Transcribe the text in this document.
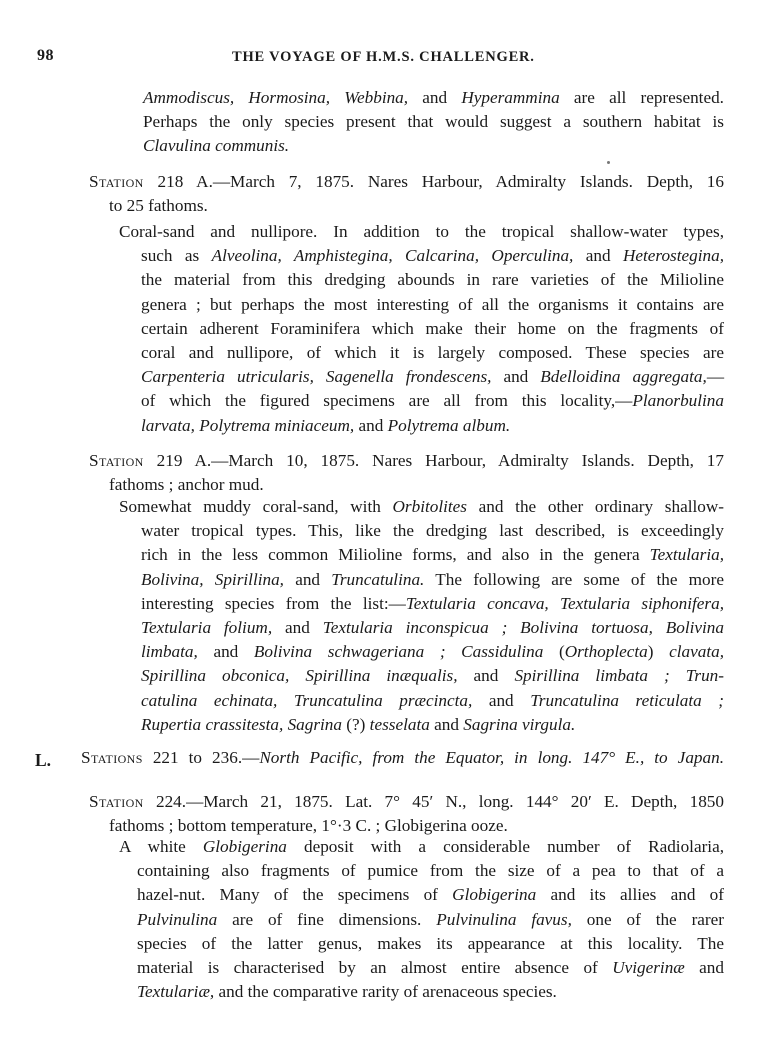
98	THE VOYAGE OF H.M.S. CHALLENGER.
Ammodiscus, Hormosina, Webbina, and Hyperammina are all represented.
Perhaps the only species present that would suggest a southern habitat is
Clavulina communis.
Station 218 A.—March 7, 1875. Nares Harbour, Admiralty Islands. Depth, 16
to 25 fathoms.
Coral-sand and nullipore. In addition to the tropical shallow-water types,
such as Alveolina, Amphistegina, Calcarina, Operculina, and Heterostegina,
the material from this dredging abounds in rare varieties of the Milioline
genera ; but perhaps the most interesting of all the organisms it contains are
certain adherent Foraminifera which make their home on the fragments of
coral and nullipore, of which it is largely composed. These species are
Carpenteria utricularis, Sagenella frondescens, and Bdelloidina aggregata,—
of which the figured specimens are all from this locality,—Planorbulina
larvata, Polytrema miniaceum, and Polytrema album.
Station 219 A.—March 10, 1875. Nares Harbour, Admiralty Islands. Depth, 17
fathoms ; anchor mud.
Somewhat muddy coral-sand, with Orbitolites and the other ordinary shallow-
water tropical types. This, like the dredging last described, is exceedingly
rich in the less common Milioline forms, and also in the genera Textularia,
Bolivina, Spirillina, and Truncatulina. The following are some of the more
interesting species from the list:—Textularia concava, Textularia siphonifera,
Textularia folium, and Textularia inconspicua ; Bolivina tortuosa, Bolivina
limbata, and Bolivina schwageriana ; Cassidulina (Orthoplecta) clavata,
Spirillina obconica, Spirillina inæqualis, and Spirillina limbata ; Trun-
catulina echinata, Truncatulina præcincta, and Truncatulina reticulata ;
Rupertia crassitesta, Sagrina (?) tesselata and Sagrina virgula.
L. Stations 221 to 236.—North Pacific, from the Equator, in long. 147° E., to Japan.
Station 224.—March 21, 1875. Lat. 7° 45′ N., long. 144° 20′ E. Depth, 1850
fathoms ; bottom temperature, 1°·3 C. ; Globigerina ooze.
A white Globigerina deposit with a considerable number of Radiolaria,
containing also fragments of pumice from the size of a pea to that of a
hazel-nut. Many of the specimens of Globigerina and its allies and of
Pulvinulina are of fine dimensions. Pulvinulina favus, one of the rarer
species of the latter genus, makes its appearance at this locality. The
material is characterised by an almost entire absence of Uvigerinæ and
Textulariæ, and the comparative rarity of arenaceous species.
